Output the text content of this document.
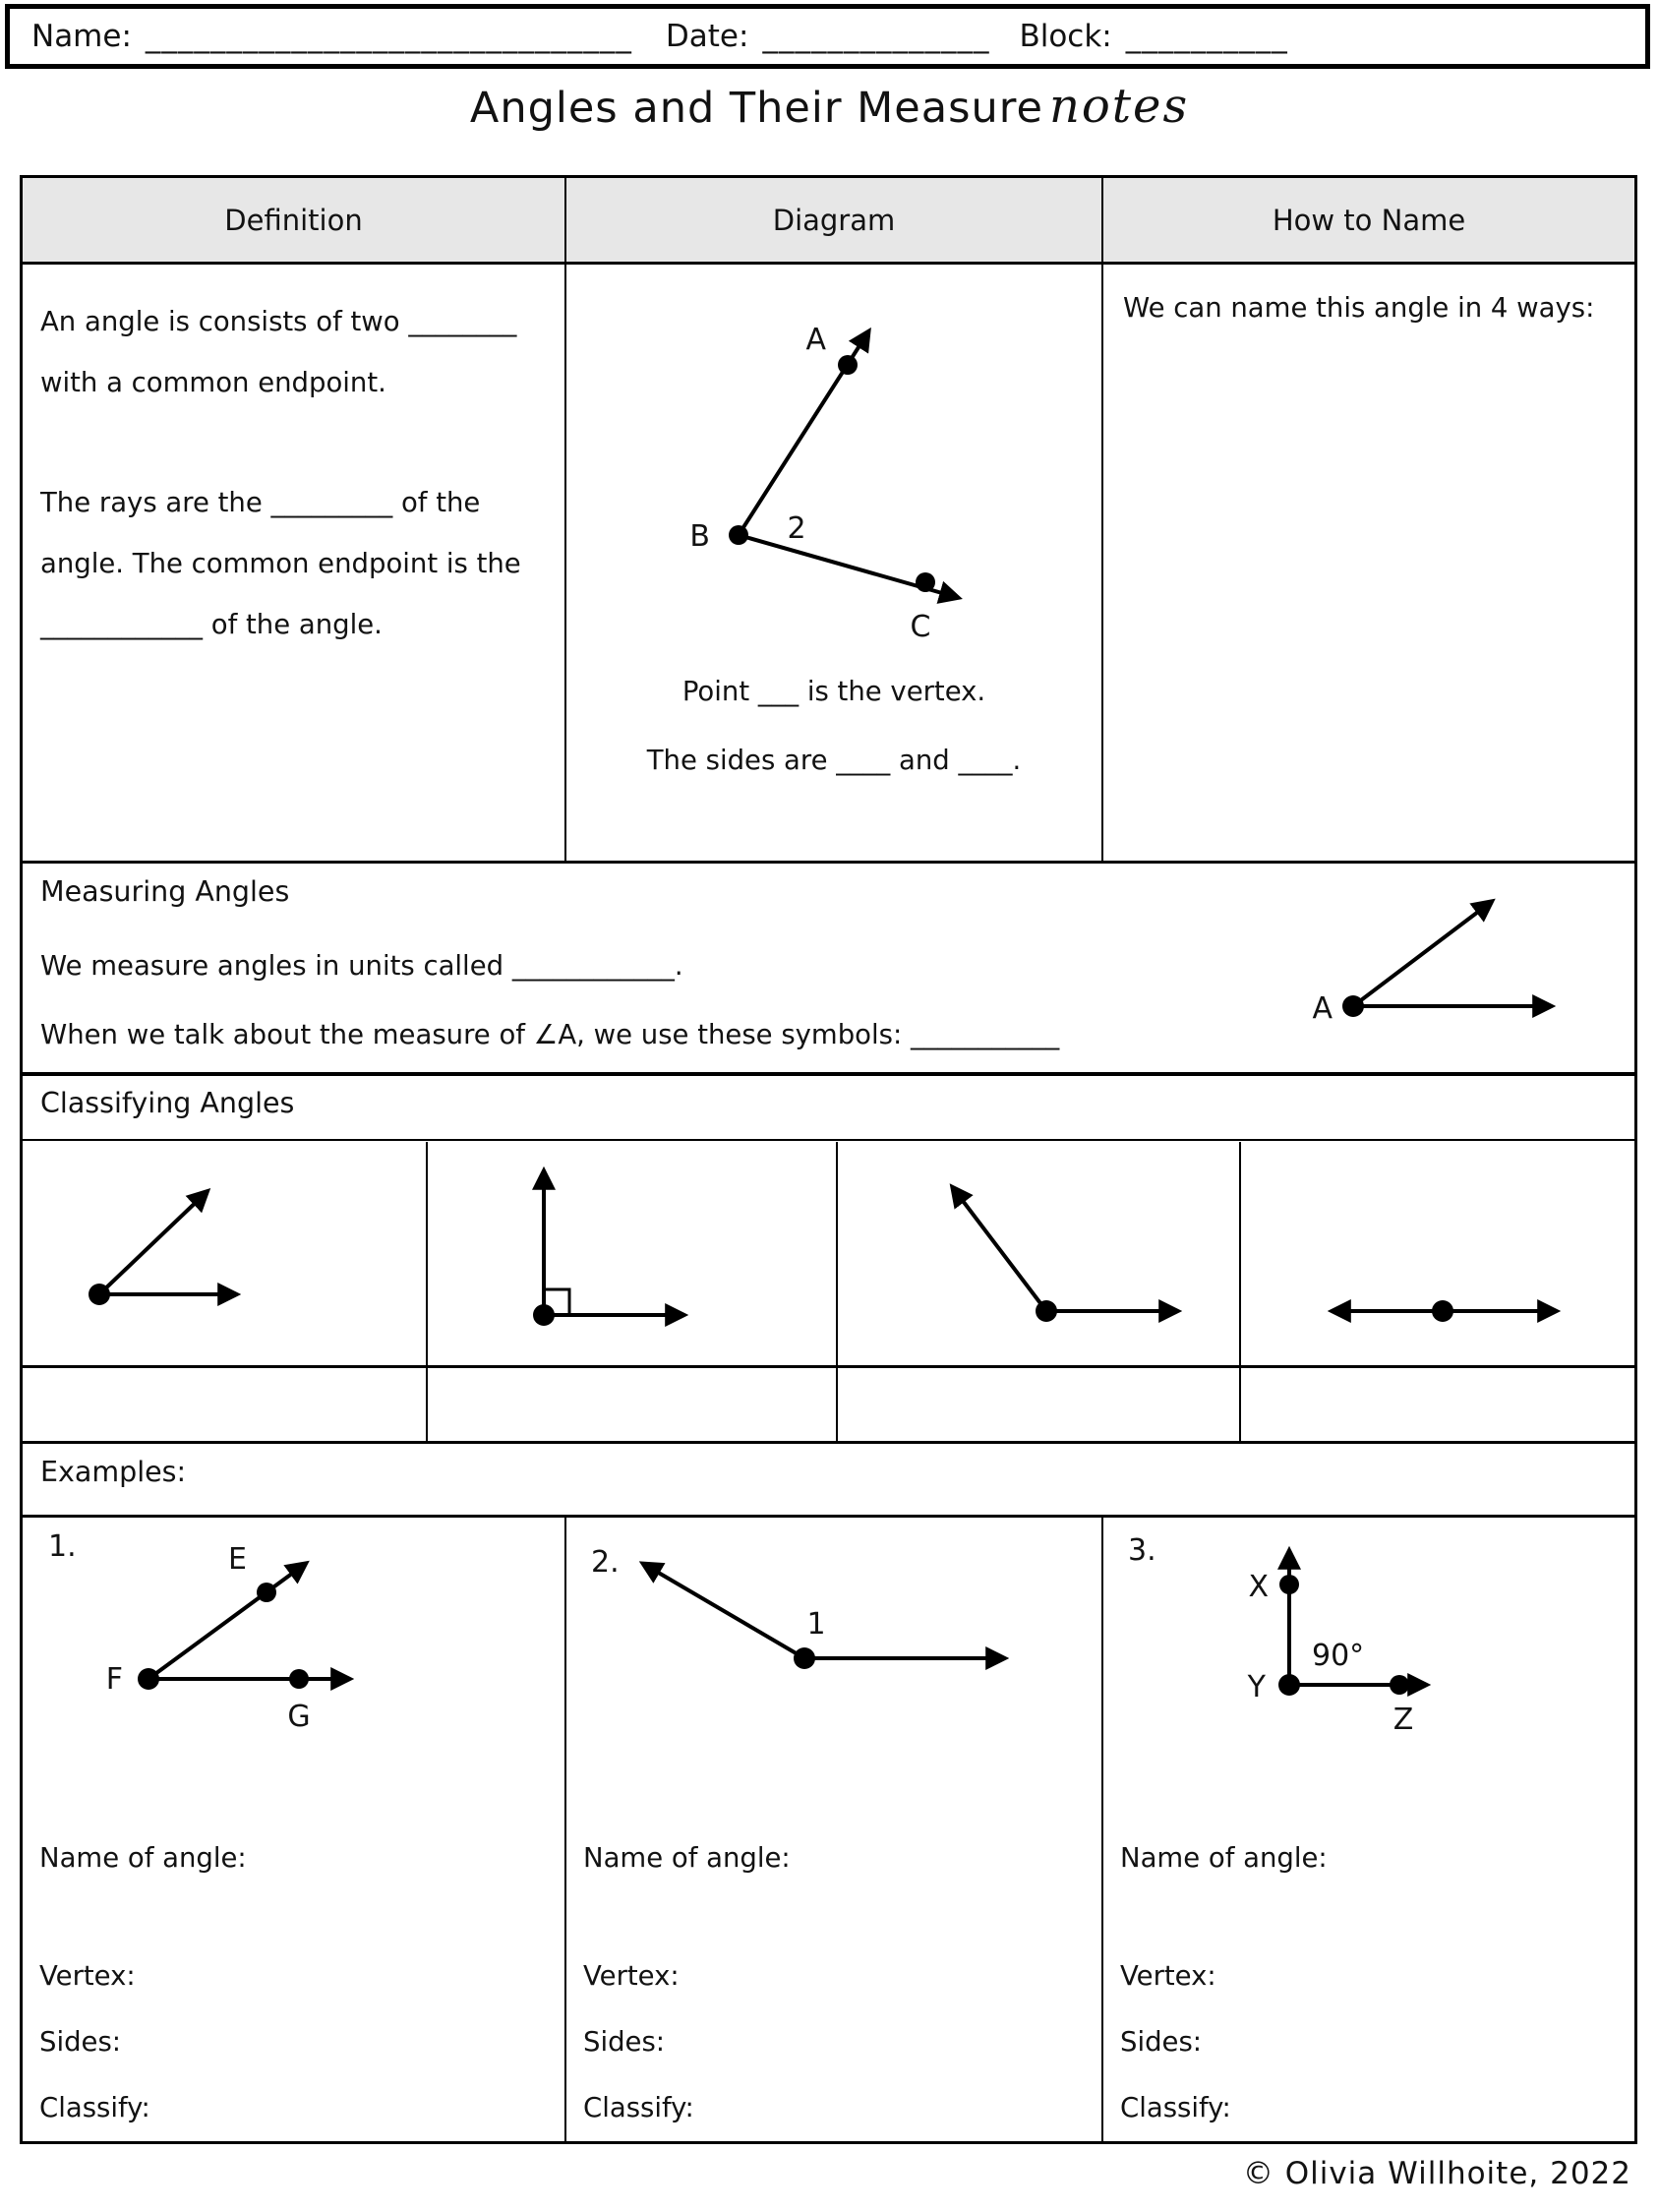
Name: ______________________________ Date: ______________ Block: __________
Angles and Their Measure notes
Definition	Diagram	How to Name

An angle is consists of two ________ with a common endpoint.

The rays are the _________ of the angle. The common endpoint is the ____________ of the angle.

A
B
C
2
Point ___ is the vertex.
The sides are ____ and ____.
We can name this angle in 4 ways:
Measuring Angles
We measure angles in units called ____________.
When we talk about the measure of ∠A, we use these symbols: ___________
A
Classifying Angles
Examples:
1.	E
F
G
Name of angle:
Vertex:
Sides:
Classify:
2.
1
Name of angle:
Vertex:
Sides:
Classify:
3.
X
Y
Z
90°
Name of angle:
Vertex:
Sides:
Classify:
© Olivia Willhoite, 2022
